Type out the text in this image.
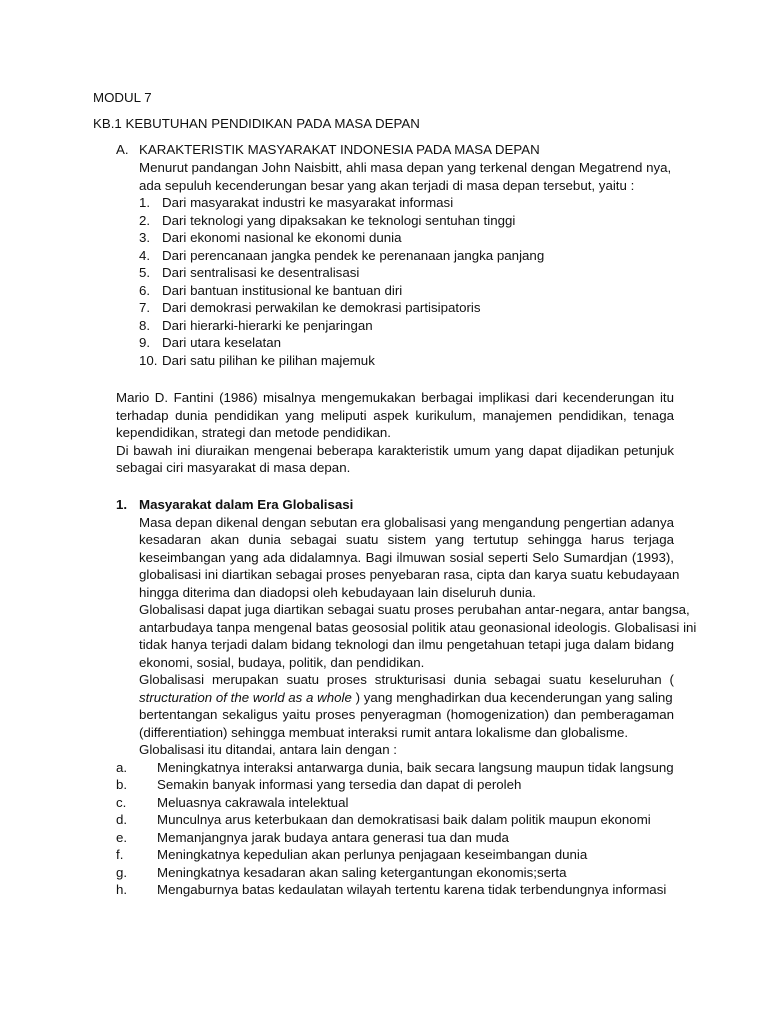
MODUL 7
KB.1 KEBUTUHAN PENDIDIKAN PADA MASA DEPAN
A. KARAKTERISTIK MASYARAKAT INDONESIA PADA MASA DEPAN
Menurut pandangan John Naisbitt, ahli masa depan yang terkenal dengan Megatrend nya,
ada sepuluh kecenderungan besar yang akan terjadi di masa depan tersebut, yaitu :
1. Dari masyarakat industri ke masyarakat informasi
2. Dari teknologi yang dipaksakan ke teknologi sentuhan tinggi
3. Dari ekonomi nasional ke ekonomi dunia
4. Dari perencanaan jangka pendek ke perenanaan jangka panjang
5. Dari sentralisasi ke desentralisasi
6. Dari bantuan institusional ke bantuan diri
7. Dari demokrasi perwakilan ke demokrasi partisipatoris
8. Dari hierarki-hierarki ke penjaringan
9. Dari utara keselatan
10. Dari satu pilihan ke pilihan majemuk
Mario D. Fantini (1986) misalnya mengemukakan berbagai implikasi dari kecenderungan itu
terhadap dunia pendidikan yang meliputi aspek kurikulum, manajemen pendidikan, tenaga
kependidikan, strategi dan metode pendidikan.
Di bawah ini diuraikan mengenai beberapa karakteristik umum yang dapat dijadikan petunjuk
sebagai ciri masyarakat di masa depan.
1. Masyarakat dalam Era Globalisasi
Masa depan dikenal dengan sebutan era globalisasi yang mengandung pengertian adanya
kesadaran akan dunia sebagai suatu sistem yang tertutup sehingga harus terjaga
keseimbangan yang ada didalamnya. Bagi ilmuwan sosial seperti Selo Sumardjan (1993),
globalisasi ini diartikan sebagai proses penyebaran rasa, cipta dan karya suatu kebudayaan
hingga diterima dan diadopsi oleh kebudayaan lain diseluruh dunia.
Globalisasi dapat juga diartikan sebagai suatu proses perubahan antar-negara, antar bangsa,
antarbudaya tanpa mengenal batas geososial politik atau geonasional ideologis. Globalisasi ini
tidak hanya terjadi dalam bidang teknologi dan ilmu pengetahuan tetapi juga dalam bidang
ekonomi, sosial, budaya, politik, dan pendidikan.
Globalisasi merupakan suatu proses strukturisasi dunia sebagai suatu keseluruhan (
structuration of the world as a whole ) yang menghadirkan dua kecenderungan yang saling
bertentangan sekaligus yaitu proses penyeragman (homogenization) dan pemberagaman
(differentiation) sehingga membuat interaksi rumit antara lokalisme dan globalisme.
Globalisasi itu ditandai, antara lain dengan :
a. Meningkatnya interaksi antarwarga dunia, baik secara langsung maupun tidak langsung
b. Semakin banyak informasi yang tersedia dan dapat di peroleh
c. Meluasnya cakrawala intelektual
d. Munculnya arus keterbukaan dan demokratisasi baik dalam politik maupun ekonomi
e. Memanjangnya jarak budaya antara generasi tua dan muda
f.	Meningkatnya kepedulian akan perlunya penjagaan keseimbangan dunia
g. Meningkatnya kesadaran akan saling ketergantungan ekonomis;serta
h. Mengaburnya batas kedaulatan wilayah tertentu karena tidak terbendungnya informasi
